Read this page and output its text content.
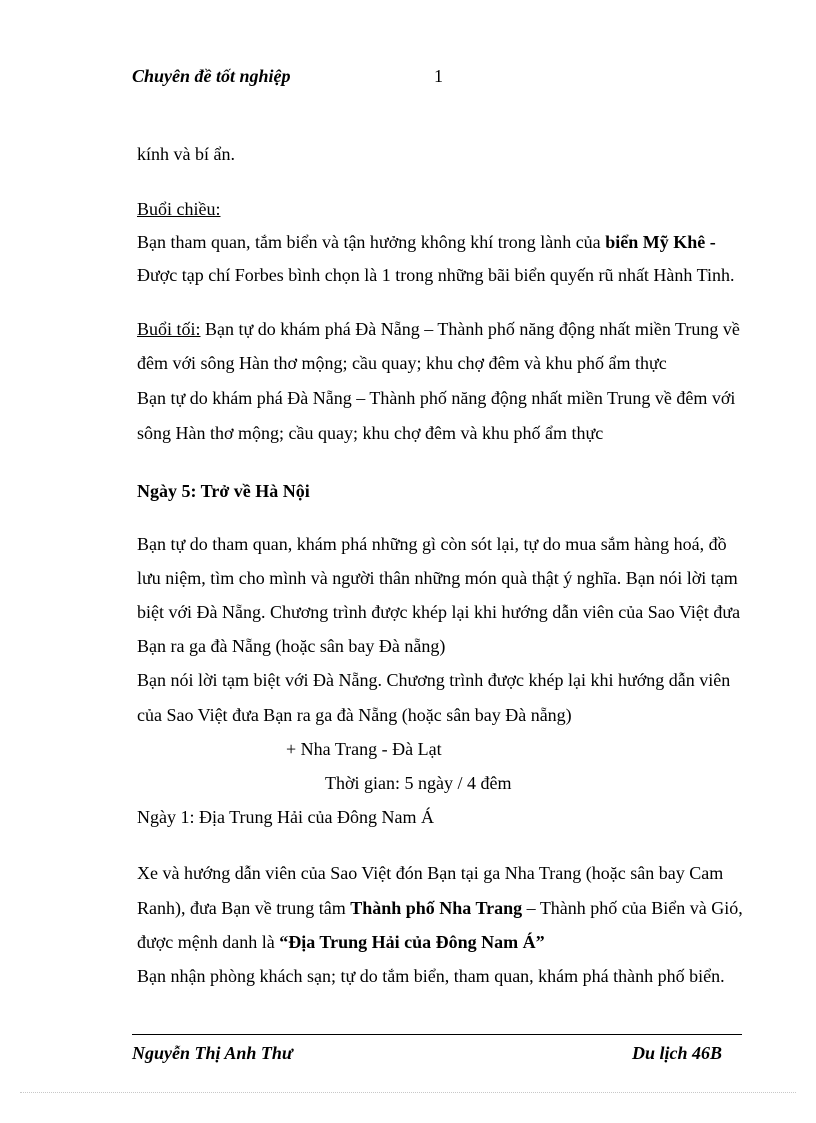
Chuyên đề tốt nghiệp	1
kính và bí ẩn.
Buổi chiều:
Bạn tham quan, tắm biển và tận hưởng không khí trong lành của biển Mỹ Khê -
Được tạp chí Forbes bình chọn là 1 trong những bãi biển quyến rũ nhất Hành Tinh.
Buổi tối: Bạn tự do khám phá Đà Nẵng – Thành phố năng động nhất miền Trung về
đêm với sông Hàn thơ mộng; cầu quay; khu chợ đêm và khu phố ẩm thực
Bạn tự do khám phá Đà Nẵng – Thành phố năng động nhất miền Trung về đêm với
sông Hàn thơ mộng; cầu quay; khu chợ đêm và khu phố ẩm thực
Ngày 5: Trở về Hà Nội
Bạn tự do tham quan, khám phá những gì còn sót lại, tự do mua sắm hàng hoá, đồ
lưu niệm, tìm cho mình và người thân những món quà thật ý nghĩa. Bạn nói lời tạm
biệt với Đà Nẵng. Chương trình được khép lại khi hướng dẫn viên của Sao Việt đưa
Bạn ra ga đà Nẵng (hoặc sân bay Đà nẵng)
Bạn nói lời tạm biệt với Đà Nẵng. Chương trình được khép lại khi hướng dẫn viên
của Sao Việt đưa Bạn ra ga đà Nẵng (hoặc sân bay Đà nẵng)
+ Nha Trang - Đà Lạt
Thời gian: 5 ngày / 4 đêm
Ngày 1: Địa Trung Hải của Đông Nam Á
Xe và hướng dẫn viên của Sao Việt đón Bạn tại ga Nha Trang (hoặc sân bay Cam
Ranh), đưa Bạn về trung tâm Thành phố Nha Trang – Thành phố của Biển và Gió,
được mệnh danh là “Địa Trung Hải của Đông Nam Á”
Bạn nhận phòng khách sạn; tự do tắm biển, tham quan, khám phá thành phố biển.
Nguyễn Thị Anh Thư	Du lịch 46B
